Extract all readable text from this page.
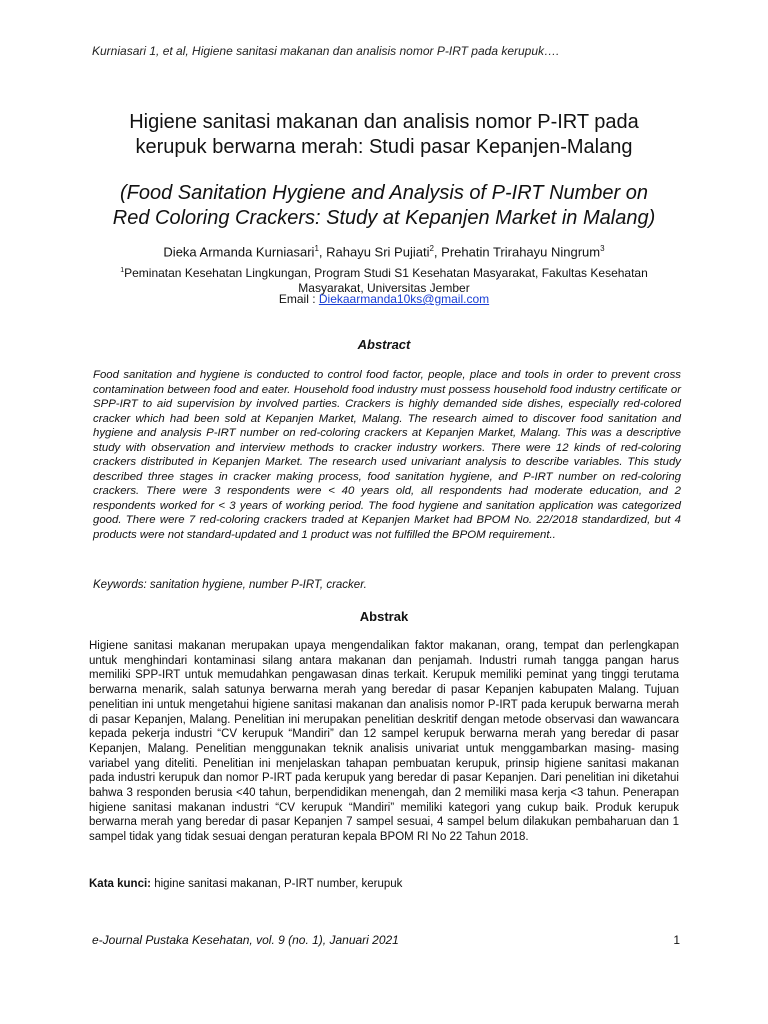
Kurniasari 1, et al, Higiene sanitasi makanan dan analisis nomor P-IRT pada kerupuk….
Higiene sanitasi makanan dan analisis nomor P-IRT pada
kerupuk berwarna merah: Studi pasar Kepanjen-Malang
(Food Sanitation Hygiene and Analysis of P-IRT Number on
Red Coloring Crackers: Study at Kepanjen Market in Malang)
Dieka Armanda Kurniasari$^1$, Rahayu Sri Pujiati$^2$, Prehatin Trirahayu Ningrum$^3$
$^1$Peminatan Kesehatan Lingkungan, Program Studi S1 Kesehatan Masyarakat, Fakultas Kesehatan Masyarakat, Universitas Jember
Email : Diekaarmanda10ks@gmail.com
Abstract
Food sanitation and hygiene is conducted to control food factor, people, place and tools in order to prevent cross contamination between food and eater. Household food industry must possess household food industry certificate or SPP-IRT to aid supervision by involved parties. Crackers is highly demanded side dishes, especially red-colored cracker which had been sold at Kepanjen Market, Malang. The research aimed to discover food sanitation and hygiene and analysis P-IRT number on red-coloring crackers at Kepanjen Market, Malang. This was a descriptive study with observation and interview methods to cracker industry workers. There were 12 kinds of red-coloring crackers distributed in Kepanjen Market. The research used univariant analysis to describe variables. This study described three stages in cracker making process, food sanitation hygiene, and P-IRT number on red-coloring crackers. There were 3 respondents were < 40 years old, all respondents had moderate education, and 2 respondents worked for < 3 years of working period. The food hygiene and sanitation application was categorized good. There were 7 red-coloring crackers traded at Kepanjen Market had BPOM No. 22/2018 standardized, but 4 products were not standard-updated and 1 product was not fulfilled the BPOM requirement..
Keywords: sanitation hygiene, number P-IRT, cracker.
Abstrak
Higiene sanitasi makanan merupakan upaya mengendalikan faktor makanan, orang, tempat dan perlengkapan untuk menghindari kontaminasi silang antara makanan dan penjamah. Industri rumah tangga pangan harus memiliki SPP-IRT untuk memudahkan pengawasan dinas terkait. Kerupuk memiliki peminat yang tinggi terutama berwarna menarik, salah satunya berwarna merah yang beredar di pasar Kepanjen kabupaten Malang. Tujuan penelitian ini untuk mengetahui higiene sanitasi makanan dan analisis nomor P-IRT pada kerupuk berwarna merah di pasar Kepanjen, Malang. Penelitian ini merupakan penelitian deskritif dengan metode observasi dan wawancara kepada pekerja industri “CV kerupuk “Mandiri” dan 12 sampel kerupuk berwarna merah yang beredar di pasar Kepanjen, Malang. Penelitian menggunakan teknik analisis univariat untuk menggambarkan masing- masing variabel yang diteliti. Penelitian ini menjelaskan tahapan pembuatan kerupuk, prinsip higiene sanitasi makanan pada industri kerupuk dan nomor P-IRT pada kerupuk yang beredar di pasar Kepanjen. Dari penelitian ini diketahui bahwa 3 responden berusia <40 tahun, berpendidikan menengah, dan 2 memiliki masa kerja <3 tahun. Penerapan higiene sanitasi makanan industri “CV kerupuk “Mandiri” memiliki kategori yang cukup baik. Produk kerupuk berwarna merah yang beredar di pasar Kepanjen 7 sampel sesuai, 4 sampel belum dilakukan pembaharuan dan 1 sampel tidak yang tidak sesuai dengan peraturan kepala BPOM RI No 22 Tahun 2018.
Kata kunci: higine sanitasi makanan, P-IRT number, kerupuk
e-Journal Pustaka Kesehatan, vol. 9 (no. 1), Januari 2021	1
